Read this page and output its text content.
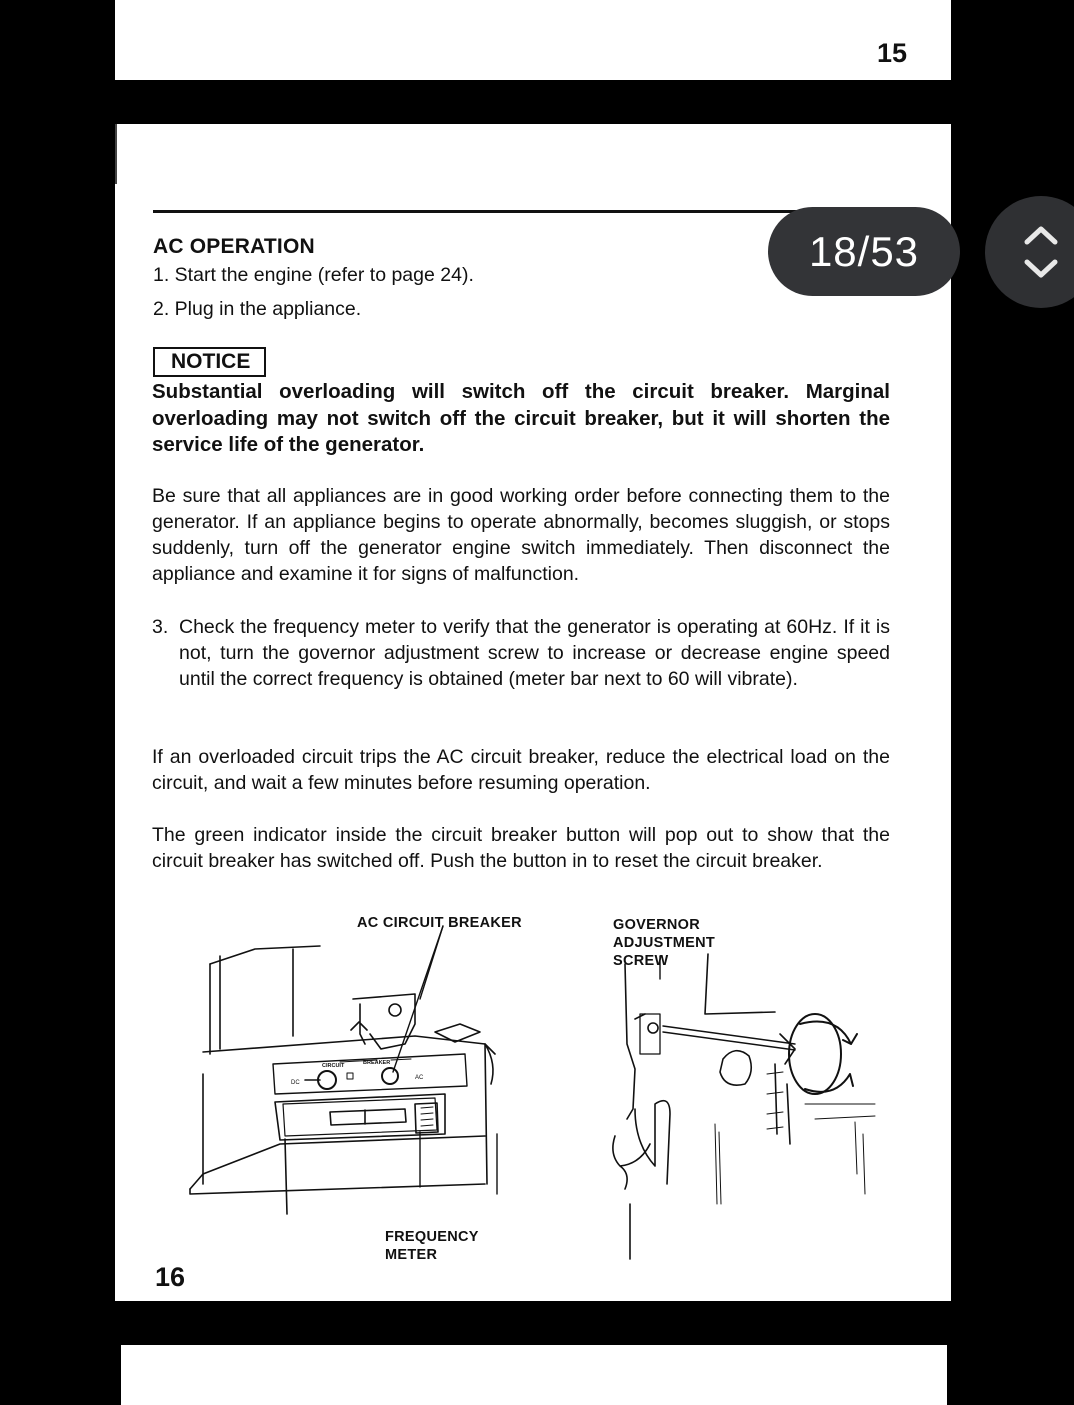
15
AC OPERATION
1. Start the engine (refer to page 24).
2. Plug in the appliance.
NOTICE
Substantial overloading will switch off the circuit breaker. Marginal overloading may not switch off the circuit breaker, but it will shorten the service life of the generator.
Be sure that all appliances are in good working order before connecting them to the generator. If an appliance begins to operate abnormally, becomes sluggish, or stops suddenly, turn off the generator engine switch immediately. Then disconnect the appliance and examine it for signs of malfunction.
3. Check the frequency meter to verify that the generator is operating at 60Hz. If it is not, turn the governor adjustment screw to increase or decrease engine speed until the correct frequency is obtained (meter bar next to 60 will vibrate).
If an overloaded circuit trips the AC circuit breaker, reduce the electrical load on the circuit, and wait a few minutes before resuming operation.
The green indicator inside the circuit breaker button will pop out to show that the circuit breaker has switched off. Push the button in to reset the circuit breaker.
AC CIRCUIT BREAKER	GOVERNOR
ADJUSTMENT
SCREW
FREQUENCY
METER
CIRCUIT	BREAKER
DC
AC
16
18/53
